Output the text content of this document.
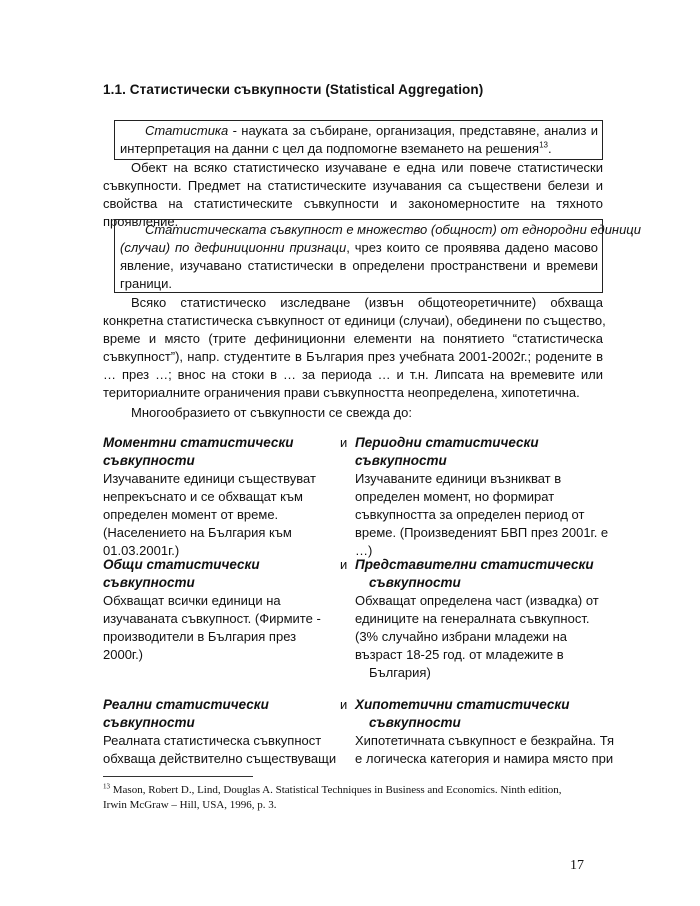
1.1. Статистически съвкупности (Statistical Aggregation)
Статистика - науката за събиране, организация, представяне, анализ и
интерпретация на данни с цел да подпомогне вземането на решения$^{13}$.
Обект на всяко статистическо изучаване е една или повече статистически
съвкупности. Предмет на статистическите изучавания са съществени белези и
свойства на статистическите съвкупности и закономерностите на тяхното
проявление.
Статистическата съвкупност е множество (общност) от еднородни единици
(случаи) по дефиниционни признаци, чрез които се проявява дадено масово
явление, изучавано статистически в определени пространствени и времеви
граници.
Всяко статистическо изследване (извън общотеоретичните) обхваща
конкретна статистическа съвкупност от единици (случаи), обединени по същество,
време и място (трите дефиниционни елементи на понятието “статистическа
съвкупност”), напр. студентите в България през учебната 2001-2002г.; родените в
… през …; внос на стоки в … за периода … и т.н. Липсата на времевите или
териториалните ограничения прави съвкупността неопределена, хипотетична.
Многообразието от съвкупности се свежда до:
Моментни статистически
съвкупности
Изучаваните единици съществуват
непрекъснато и се обхващат към
определен момент от време.
(Населението на България към
01.03.2001г.)
и Периодни статистически съвкупности
Изучаваните единици възникват в
определен момент, но формират
съвкупността за определен период от
време. (Произведеният БВП през 2001г. е
…)
Общи статистически
съвкупности
Обхващат всички единици на
изучаваната съвкупност. (Фирмите -
производители в България през
2000г.)
и Представителни статистически
съвкупности
Обхващат определена част (извадка) от
единиците на генералната съвкупност.
(3% случайно избрани младежи на
възраст 18-25 год. от младежите в
България)
Реални статистически
съвкупности
Реалната статистическа съвкупност
обхваща действително съществуващи
и Хипотетични статистически
съвкупности
Хипотетичната съвкупност е безкрайна. Тя
е логическа категория и намира място при
$^{13}$ Mason, Robert D., Lind, Douglas A. Statistical Techniques in Business and Economics. Ninth edition,
Irwin McGraw – Hill, USA, 1996, p. 3.
17
